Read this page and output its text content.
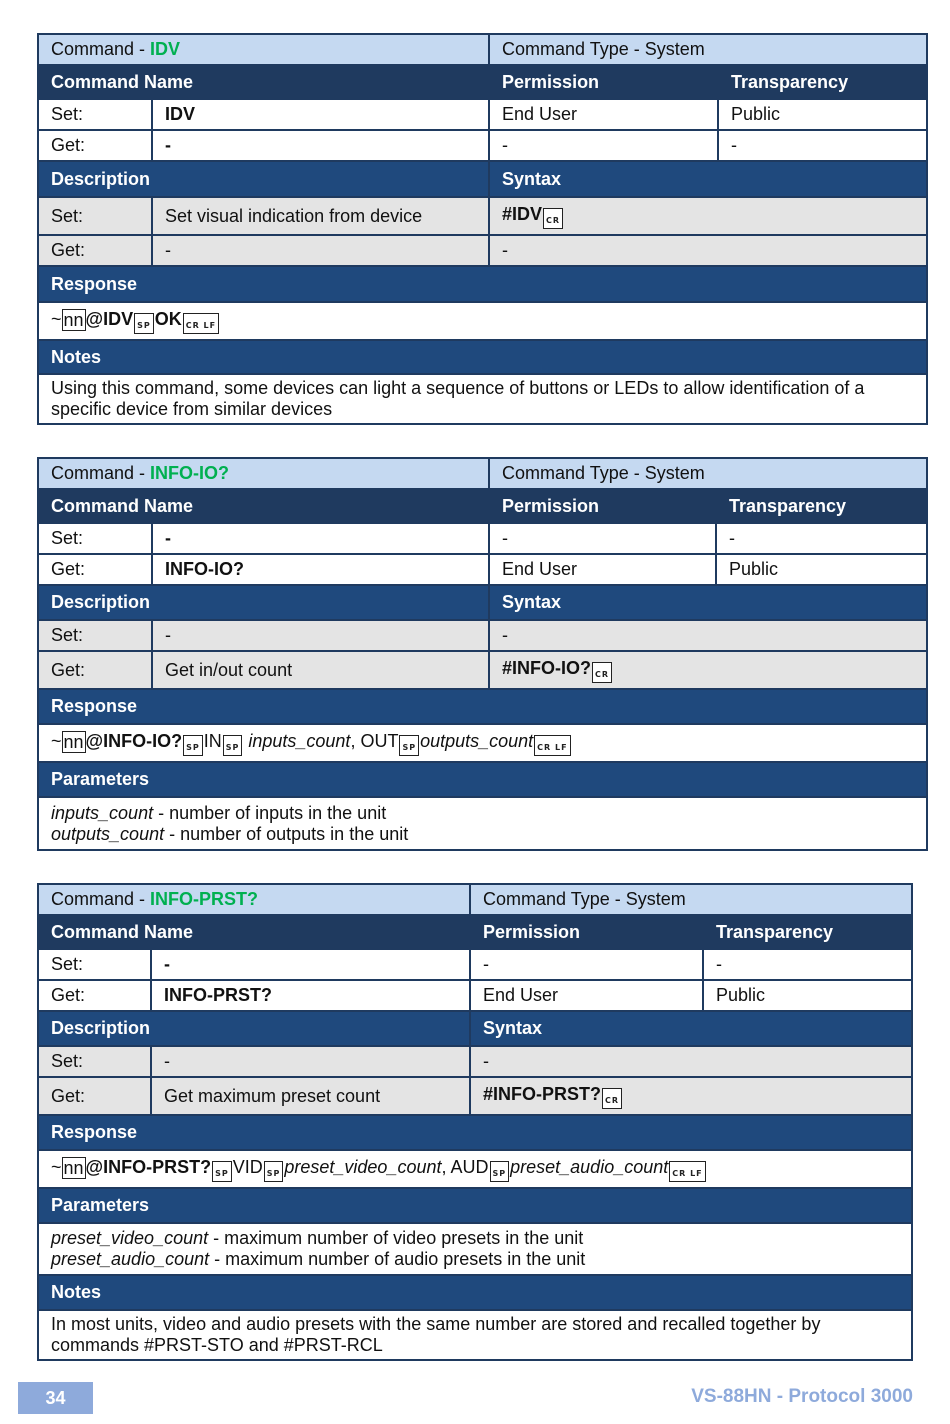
Command - IDV		Command Type - System	
Command Name		Permission	Transparency
Set:	IDV	End User	Public
Get:	-	-	-
Description		Syntax	
Set:	Set visual indication from device	#IDV CR	
Get:	-	-	
Response			
~ nn @IDV SP OK CR LF			
Notes			
Using this command, some devices can light a sequence of buttons or LEDs to allow identification of a specific device from similar devices			
Command - INFO-IO?		Command Type - System	
Command Name		Permission	Transparency
Set:	-	-	-
Get:	INFO-IO?	End User	Public
Description		Syntax	
Set:	-	-	
Get:	Get in/out count	#INFO-IO? CR	
Response			
~ nn @INFO-IO? SP IN SP inputs_count, OUT SP outputs_count CR LF			
Parameters			

inputs_count - number of inputs in the unit
outputs_count - number of outputs in the unit			
Command - INFO-PRST?		Command Type - System	
Command Name		Permission	Transparency
Set:	-	-	-
Get:	INFO-PRST?	End User	Public
Description		Syntax	
Set:	-	-	
Get:	Get maximum preset count	#INFO-PRST? CR	
Response			
~ nn @INFO-PRST? SP VID SP preset_video_count, AUD SP preset_audio_count CR LF			
Parameters			

preset_video_count - maximum number of video presets in the unit
preset_audio_count - maximum number of audio presets in the unit			

Notes			
In most units, video and audio presets with the same number are stored and recalled together by commands #PRST-STO and #PRST-RCL			
34	VS-88HN - Protocol 3000
